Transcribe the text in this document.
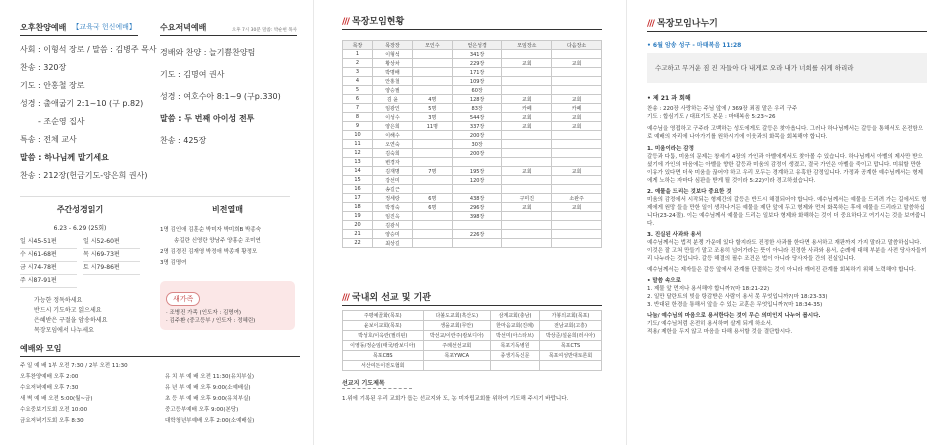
오후찬양예배 【교육국 헌신예배】
사회 : 이형석 장로 / 말씀 : 김병주 목사
찬송 : 320장
기도 : 안홍철 장로
성경 : 출애굽기 2:1~10 (구 p.82)
- 조순영 집사
특송 : 전체 교사
말씀 : 하나님께 맡기세요
찬송 : 212장(헌금기도-양은희 권사)
수요저녁예배	오후 7시 30분 말씀: 박순현 목사
경배와 찬양 : 늘기쁨찬양팀
기도 : 김명여 권사
성경 : 여호수아 8:1~9 (구p.330)
말씀 : 두 번째 아이성 전투
찬송 : 425장
주간성경읽기
6.23 - 6.29 (25회)
일 시45-51편	일 시52-60편
수 시61-68편	목 시69-73편
금 시74-78편	토 시79-86편
주 시87-91편
가능한 정독하세요
반드시 기도하고 읽으세요
은혜받은 구절을 암송하세요
목장모임에서 나누세요
비전열매
1명 김인애 김훈순 박미자 박미희B 박종숙
송길란 신영란 양남주 양홍순 조미연
2명 김경진 김재영 박정애 박종재 황정모
3명 김명여
새가족
· 조병진 가족 (인도자 : 김명여)
· 김주환 (중고등부 / 인도자 : 정혜린)
예배와 모임
주 일 예 배 1부 오전 7:30 / 2부 오전 11:30
오후찬양예배 오후 2:00
수요저녁예배 오후 7:30
새 벽 예 배 오전 5:00(월~금)
수요중보기도회 오전 10:00
금요저녁기도회 오후 8:30
유 치 부 예 배 오전 11:30(유치부실)
유 년 부 예 배 오후 9:00(소예배실)
초 등 부 예 배 오후 9:00(유치부실)
중고등부예배 오후 9:00(본당)
대학청년부예배 오후 2:00(소예배실)
/// 목장모임현황
목장	목장장	모인수	얻은성경	모임장소	다음장소
1	이형석		341장		
2	황상차		229장	교회	교회
3	박명배		171장		
4	안홍철		109장		
5	양승필		60장		
6	김 윤	4명	128장	교회	교회
7	임광인	5명	83장	카페	카페
8	이성수	3명	544장	교회	교회
9	양은희	11명	337장	교회	교회
10	이해수		200장		
11	오연숙		30장		
12	김숙희		200장		
13	변경자				
14	김재명	7명	195장	교회	교회
15	강선미		120장		
16	송길근				
17	정세랑	6명	438장	구미진	소완주
18	박정숙	6명	296장	교회	교회
19	임진옥		398장		
20	김광식				
21	양승미		226장		
22	최상길				
/// 국내외 선교 및 기관
주평예골화(목포)	다볼도교회(흑산도)	삼계교회(충남)	가봉의교회(목포)
윤보이교회(목포)	생을교회(무안)	한마음교회(진례)	전남교회(고흥)
박성호/이옥란(필리핀)	박선교/이란주(캄보디아)	박선미(아스타브)	박상준/설윤희(러시아)
이영동/정순임(태국/캄보디아)	주례선선교회	목포기독병원	목포CTS
목포CBS	목포YWCA	종생기독신문	목포여성반대토론회
서산여든이전도협회			
선교지 기도제목
1.위에 기록된 우리 교회가 돕는 선교지와 도, 농 미자립교회를 위하여 기도해 주시기 바랍니다.
/// 목장모임나누기
• 6월 암송 성구 - 마태복음 11:28
수고하고 무거운 짐 진 자들아 다 내게로 오라 내가 너희를 쉬게 하리라
• 제 21 과 회해
찬송 : 220장 사랑하는 주님 앞에 / 369장 죄짐 맡은 우리 구주
기도 : 합심기도 / 대표기도 본문 : 마태복음 5:23~26
예수님을 영접하고 구주라 고백하는 성도에게도 갈등은 찾아옵니다. 그러나 하나님께서는 갈등을 통해서도 온전함으로 예배의 자리에 나아가기를 원하시기에 이웃과의 화목을 회복해야 합니다.
1. 미움이라는 감정
갈등과 다툼, 미움의 문제는 창세기 4장의 가인과 아벨에게서도 찾아볼 수 있습니다. 하나님께서 아벨의 제사만 받으셨기에 가인의 마음에는 아벨을 향한 갈등과 미움의 감정이 생겼고, 결국 가인은 아벨을 죽이고 맙니다. 미워할 만한 이유가 있다면 더욱 미움을 끊어야 하고 우리 모두는 경계하고 유혹한 감정입니다. 가정과 공계한 예수님께서는 형제에게 노하는 자마다 심판을 받게 될 것이라 5:22)이라 경고하셨습니다.
2. 예물을 드리는 것보다 중요한 것
미움의 감정에서 시작되는 형제간의 갈등은 반드시 해결되어야 합니다. 예수님께서는 예물을 드리려 가는 길에서도 형제에게 원망 들을 만한 일이 생각나거든 예물을 제단 앞에 두고 형제와 먼저 화목하는 후에 예물을 드리라고 말씀하십니다(23-24절). 이는 예수님께서 예물을 드리는 일보다 형제와 화해하는 것이 더 중요하다고 여기시는 것을 보여줍니다.
3. 진실된 사과와 용서
예수님께서는 법적 분쟁 가운데 있다 할지라도 진정한 사과를 한다면 용서하고 재판까지 가지 말라고 말씀하십니다. 이것은 잘 고쳐 만들기 말고 조용히 넘어가라는 뜻이 아니라 진정한 사과와 용서, 순례에 대해 부분을 사전 당사자들끼리 나누라는 것입니다. 갈등 해결의 필수 조건은 법이 아니라 당사자들 간의 진실입니다.
예수님께서는 제자들은 갈등 앞에서 관계를 단절하는 것이 아니라 깨어진 관계를 회복하기 위해 노력해야 합니다.
• 말씀 속으로
1. 제물 앞 먼저나 용서해야 합니까?(마 18:21-22)
2. 일만 달란트의 빚을 탕감받은 사람이 용서 못 무엇입니까?(마 18:23-33)
3. 반대된 한경을 통해서 앞을 수 있는 교훈은 무엇입니까?(마 18:34-35)
나눔/ 예수님의 마음으로 용서한다는 것이 무슨 의미인지 나누어 봅시다.
기도/ 예수님처럼 온전히 용서하며 살게 되게 하소서.
적용/ 제한을 두지 않고 마음을 다해 용서할 것을 결단합시다.
